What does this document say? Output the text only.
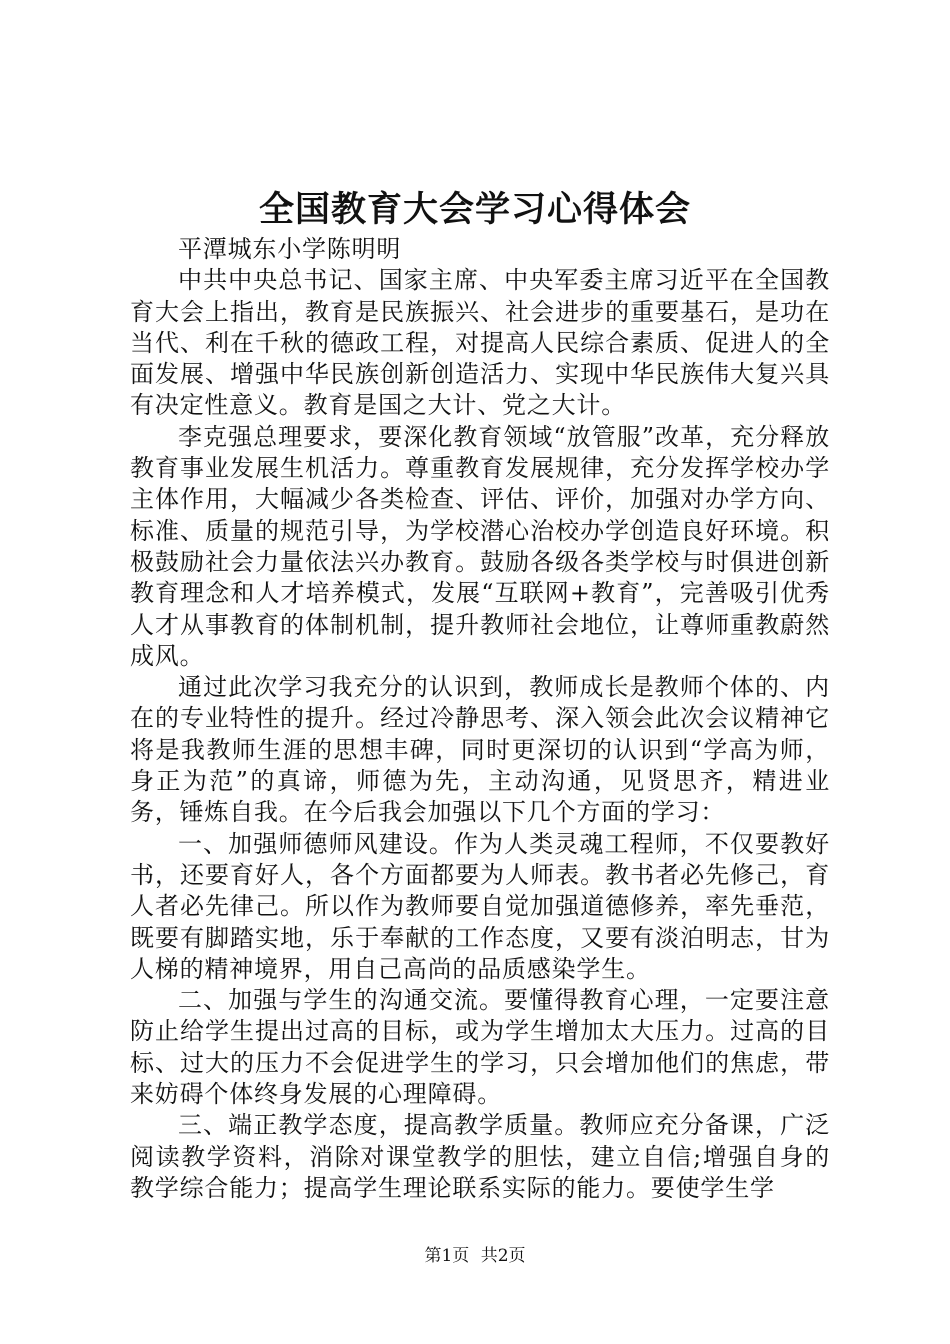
全国教育大会学习心得体会

平潭城东小学陈明明

中共中央总书记、国家主席、中央军委主席习近平在全国教育大会上指出，教育是民族振兴、社会进步的重要基石，是功在当代、利在千秋的德政工程，对提高人民综合素质、促进人的全面发展、增强中华民族创新创造活力、实现中华民族伟大复兴具有决定性意义。教育是国之大计、党之大计。

李克强总理要求，要深化教育领域“放管服”改革，充分释放教育事业发展生机活力。尊重教育发展规律，充分发挥学校办学主体作用，大幅减少各类检查、评估、评价，加强对办学方向、标准、质量的规范引导，为学校潜心治校办学创造良好环境。积极鼓励社会力量依法兴办教育。鼓励各级各类学校与时俱进创新教育理念和人才培养模式，发展“互联网+教育”，完善吸引优秀人才从事教育的体制机制，提升教师社会地位，让尊师重教蔚然成风。

通过此次学习我充分的认识到，教师成长是教师个体的、内在的专业特性的提升。经过冷静思考、深入领会此次会议精神它将是我教师生涯的思想丰碑，同时更深切的认识到“学高为师，身正为范”的真谛，师德为先，主动沟通，见贤思齐，精进业务，锤炼自我。在今后我会加强以下几个方面的学习：

一、加强师德师风建设。作为人类灵魂工程师，不仅要教好书，还要育好人，各个方面都要为人师表。教书者必先修己，育人者必先律己。所以作为教师要自觉加强道德修养，率先垂范，既要有脚踏实地，乐于奉献的工作态度，又要有淡泊明志，甘为人梯的精神境界，用自己高尚的品质感染学生。

二、加强与学生的沟通交流。要懂得教育心理，一定要注意防止给学生提出过高的目标，或为学生增加太大压力。过高的目标、过大的压力不会促进学生的学习，只会增加他们的焦虑，带来妨碍个体终身发展的心理障碍。

三、端正教学态度，提高教学质量。教师应充分备课，广泛阅读教学资料，消除对课堂教学的胆怯，建立自信;增强自身的教学综合能力；提高学生理论联系实际的能力。要使学生学

第1页 共2页
